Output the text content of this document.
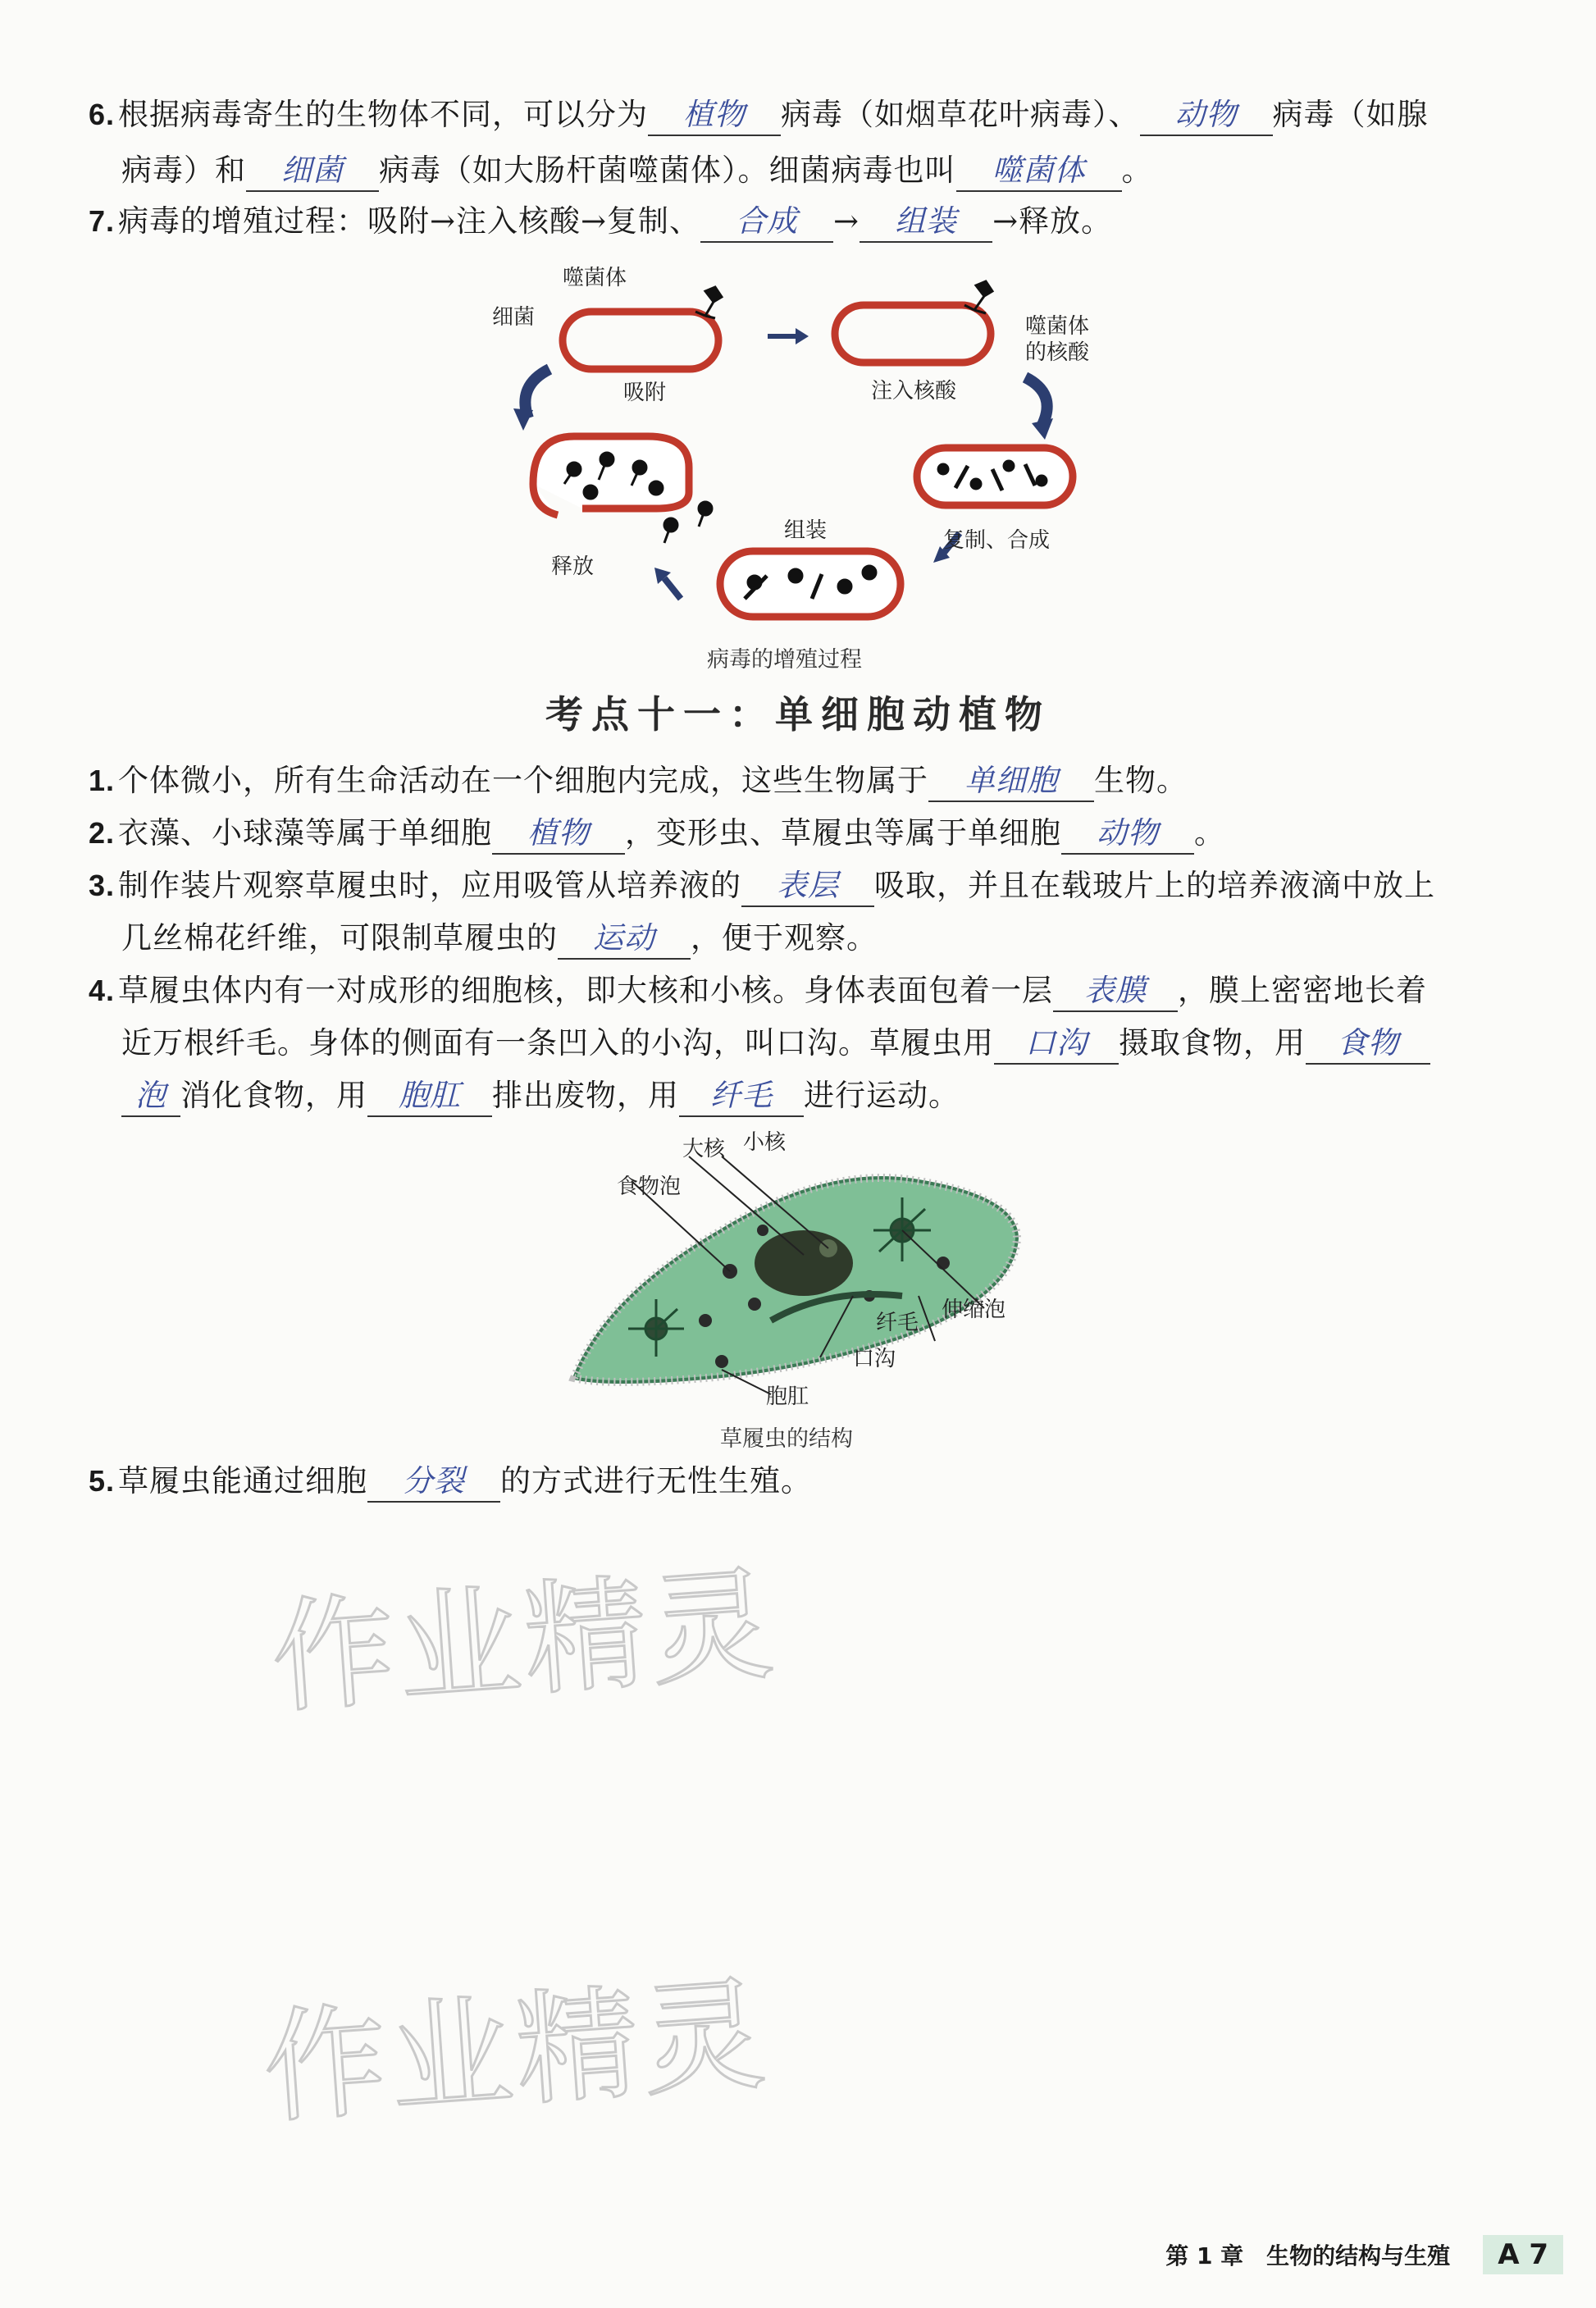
6. 根据病毒寄生的生物体不同，可以分为 植物 病毒（如烟草花叶病毒）、 动物 病毒（如腺
病毒）和 细菌 病毒（如大肠杆菌噬菌体）。细菌病毒也叫 噬菌体 。
7. 病毒的增殖过程：吸附→注入核酸→复制、 合成 → 组装 →释放。
噬菌体
细菌	噬菌体的核酸
吸附	注入核酸
复制、合成
组装
释放
病毒的增殖过程
考点十一：单细胞动植物
1. 个体微小，所有生命活动在一个细胞内完成，这些生物属于 单细胞 生物。
2. 衣藻、小球藻等属于单细胞 植物 ，变形虫、草履虫等属于单细胞 动物 。
3. 制作装片观察草履虫时，应用吸管从培养液的 表层 吸取，并且在载玻片上的培养液滴中放上
几丝棉花纤维，可限制草履虫的 运动 ，便于观察。
4. 草履虫体内有一对成形的细胞核，即大核和小核。身体表面包着一层 表膜 ，膜上密密地长着
近万根纤毛。身体的侧面有一条凹入的小沟，叫口沟。草履虫用 口沟 摄取食物，用 食物
泡 消化食物，用 胞肛 排出废物，用 纤毛 进行运动。
食物泡
大核 小核
纤毛
伸缩泡
口沟
胞肛
草履虫的结构
5. 草履虫能通过细胞 分裂 的方式进行无性生殖。
作业精灵
作业精灵
第 1 章　生物的结构与生殖	A 7
